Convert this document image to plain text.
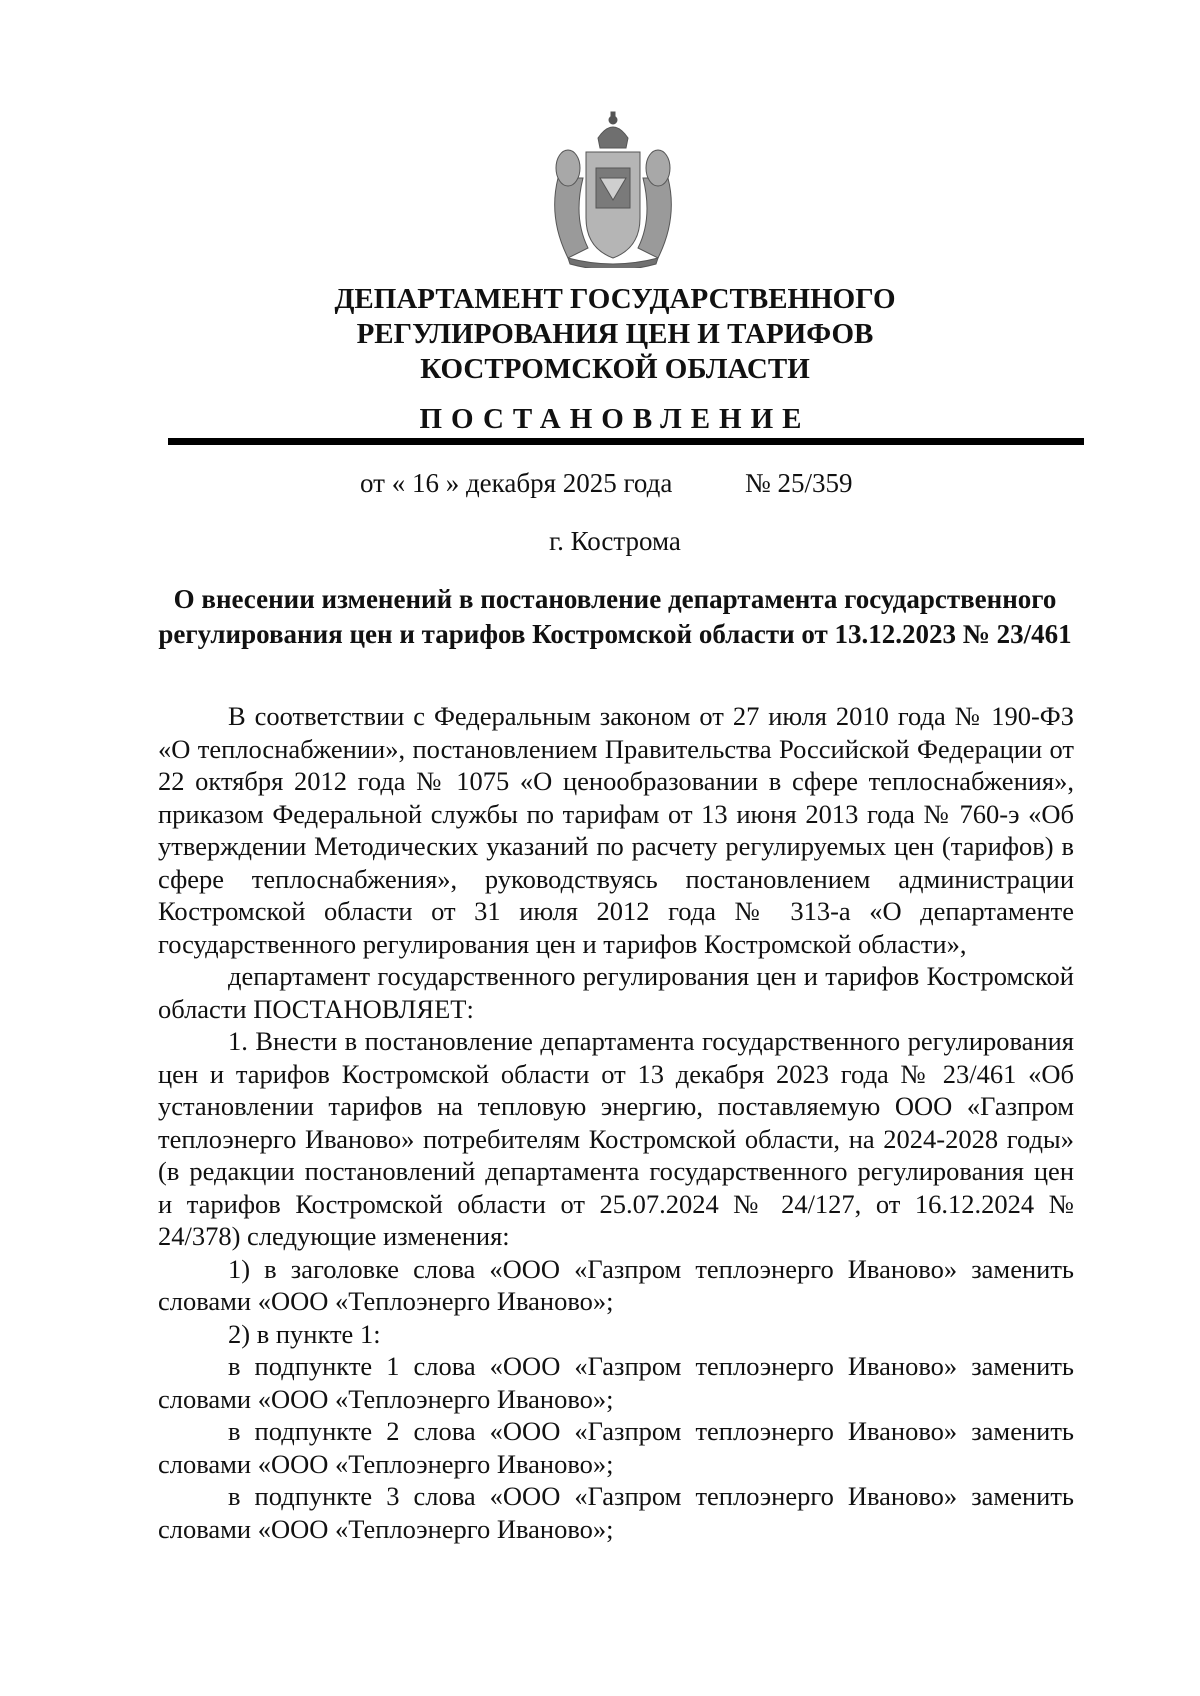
ДЕПАРТАМЕНТ ГОСУДАРСТВЕННОГО
РЕГУЛИРОВАНИЯ ЦЕН И ТАРИФОВ
КОСТРОМСКОЙ ОБЛАСТИ
ПОСТАНОВЛЕНИЕ
от « 16 » декабря 2025 года	№ 25/359
г. Кострома
О внесении изменений в постановление департамента государственного
регулирования цен и тарифов Костромской области от 13.12.2023 № 23/461

В соответствии с Федеральным законом от 27 июля 2010 года № 190-ФЗ «О теплоснабжении», постановлением Правительства Российской Федерации от 22 октября 2012 года № 1075 «О ценообразовании в сфере теплоснабжения», приказом Федеральной службы по тарифам от 13 июня 2013 года № 760-э «Об утверждении Методических указаний по расчету регулируемых цен (тарифов) в сфере теплоснабжения», руководствуясь постановлением администрации Костромской области от 31 июля 2012 года № 313-а «О департаменте государственного регулирования цен и тарифов Костромской области»,

департамент государственного регулирования цен и тарифов Костромской области ПОСТАНОВЛЯЕТ:

1. Внести в постановление департамента государственного регулирования цен и тарифов Костромской области от 13 декабря 2023 года № 23/461 «Об установлении тарифов на тепловую энергию, поставляемую ООО «Газпром теплоэнерго Иваново» потребителям Костромской области, на 2024-2028 годы» (в редакции постановлений департамента государственного регулирования цен и тарифов Костромской области от 25.07.2024 № 24/127, от 16.12.2024 № 24/378) следующие изменения:

1) в заголовке слова «ООО «Газпром теплоэнерго Иваново» заменить словами «ООО «Теплоэнерго Иваново»;

2) в пункте 1:

в подпункте 1 слова «ООО «Газпром теплоэнерго Иваново» заменить словами «ООО «Теплоэнерго Иваново»;

в подпункте 2 слова «ООО «Газпром теплоэнерго Иваново» заменить словами «ООО «Теплоэнерго Иваново»;

в подпункте 3 слова «ООО «Газпром теплоэнерго Иваново» заменить словами «ООО «Теплоэнерго Иваново»;
